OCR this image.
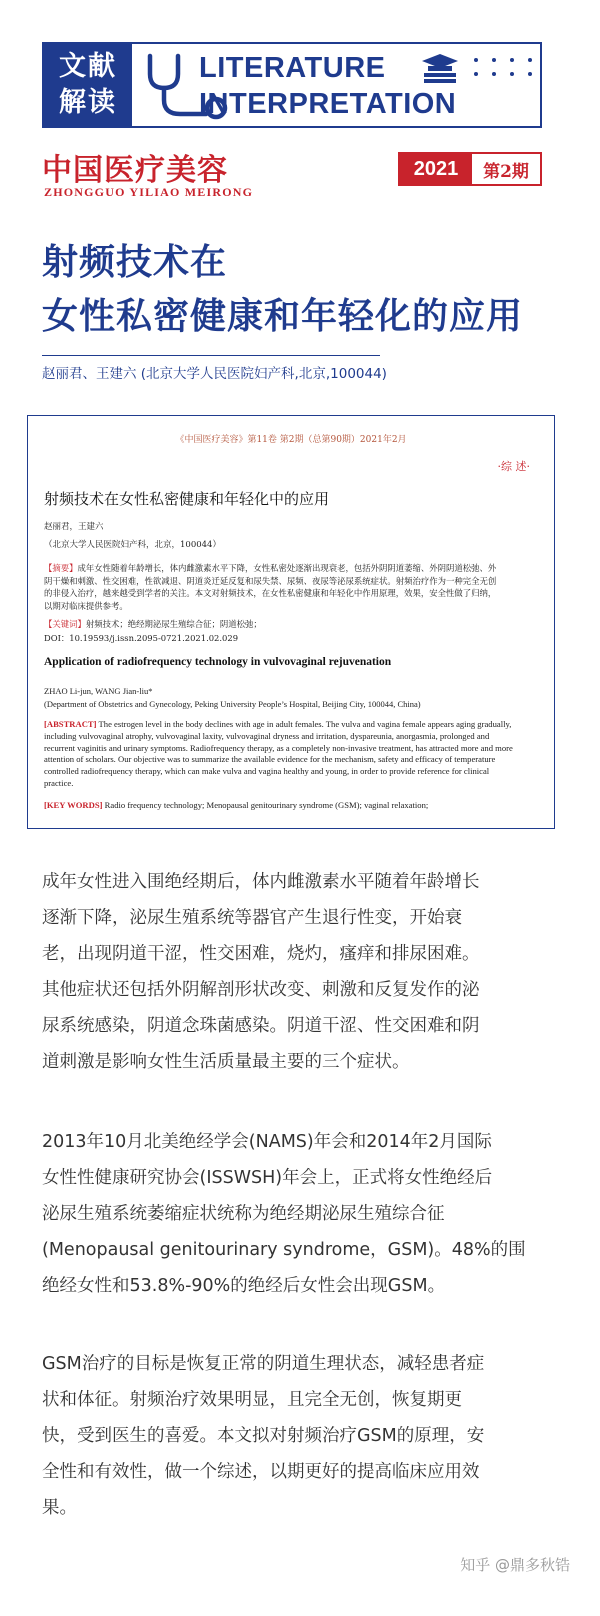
文献
解读
LITERATURE
INTERPRETATION
中国医疗美容
ZHONGGUO YILIAO MEIRONG
2021	第2期
射频技术在
女性私密健康和年轻化的应用
赵丽君、王建六 (北京大学人民医院妇产科,北京,100044)
《中国医疗美容》第11卷 第2期（总第90期）2021年2月
·综 述·
射频技术在女性私密健康和年轻化中的应用
赵丽君，王建六
（北京大学人民医院妇产科，北京，100044）
【摘要】成年女性随着年龄增长，体内雌激素水平下降，女性私密处逐渐出现衰老，包括外阴阴道萎缩、外阴阴道松弛、外
阴干燥和刺激、性交困难，性欲减退、阴道炎迁延反复和尿失禁、尿频、夜尿等泌尿系统症状。射频治疗作为一种完全无创
的非侵入治疗，越来越受到学者的关注。本文对射频技术，在女性私密健康和年轻化中作用原理，效果，安全性做了归纳，
以期对临床提供参考。
【关键词】射频技术；绝经期泌尿生殖综合征；阴道松弛；
DOI：10.19593/j.issn.2095-0721.2021.02.029
Application of radiofrequency technology in vulvovaginal rejuvenation
ZHAO Li-jun, WANG Jian-liu*
(Department of Obstetrics and Gynecology, Peking University People’s Hospital, Beijing City, 100044, China)
[ABSTRACT] The estrogen level in the body declines with age in adult females. The vulva and vagina female appears aging gradually,
including vulvovaginal atrophy, vulvovaginal laxity, vulvovaginal dryness and irritation, dyspareunia, anorgasmia, prolonged and
recurrent vaginitis and urinary symptoms. Radiofrequency therapy, as a completely non-invasive treatment, has attracted more and more
attention of scholars. Our objective was to summarize the available evidence for the mechanism, safety and efficacy of temperature
controlled radiofrequency therapy, which can make vulva and vagina healthy and young, in order to provide reference for clinical
practice.
[KEY WORDS] Radio frequency technology; Menopausal genitourinary syndrome (GSM); vaginal relaxation;
成年女性进入围绝经期后，体内雌激素水平随着年龄增长
逐渐下降，泌尿生殖系统等器官产生退行性变，开始衰
老，出现阴道干涩，性交困难，烧灼，瘙痒和排尿困难。
其他症状还包括外阴解剖形状改变、刺激和反复发作的泌
尿系统感染，阴道念珠菌感染。阴道干涩、性交困难和阴
道刺激是影响女性生活质量最主要的三个症状。
2013年10月北美绝经学会(NAMS)年会和2014年2月国际
女性性健康研究协会(ISSWSH)年会上，正式将女性绝经后
泌尿生殖系统萎缩症状统称为绝经期泌尿生殖综合征
(Menopausal genitourinary syndrome，GSM)。48%的围
绝经女性和53.8%-90%的绝经后女性会出现GSM。
GSM治疗的目标是恢复正常的阴道生理状态，减轻患者症
状和体征。射频治疗效果明显，且完全无创，恢复期更
快，受到医生的喜爱。本文拟对射频治疗GSM的原理，安
全性和有效性，做一个综述，以期更好的提高临床应用效
果。
知乎 @鼎多秋锆
